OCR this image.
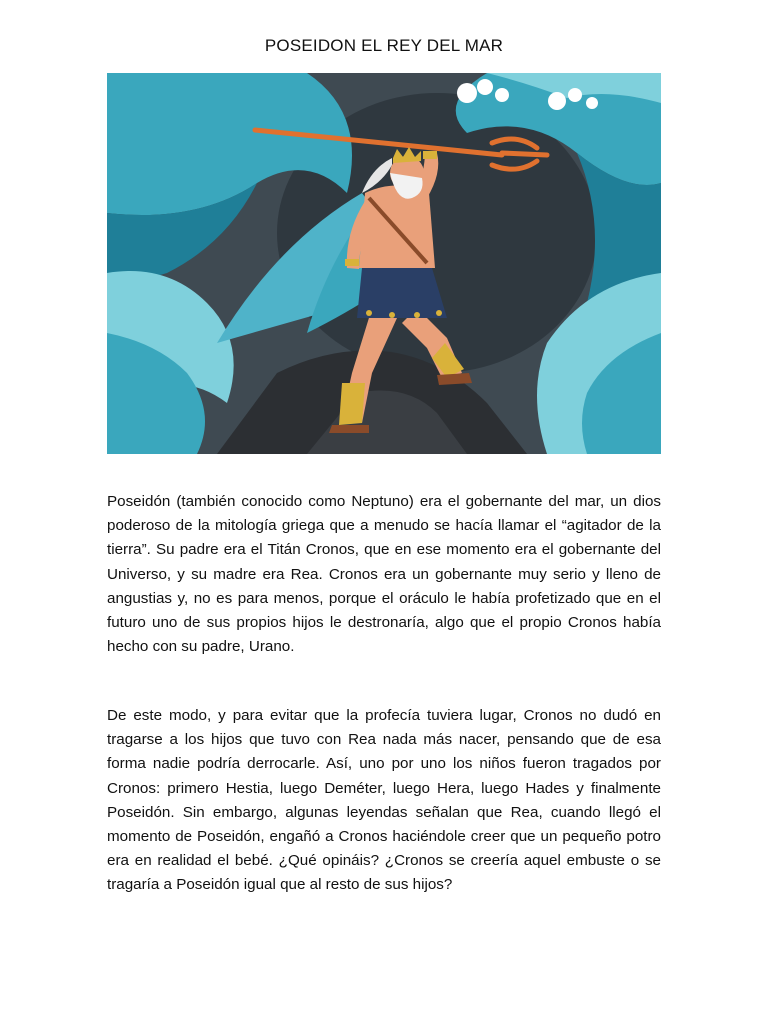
POSEIDON EL REY DEL MAR

Poseidón (también conocido como Neptuno) era el gobernante del mar, un dios poderoso de la mitología griega que a menudo se hacía llamar el “agitador de la tierra”. Su padre era el Titán Cronos, que en ese momento era el gobernante del Universo, y su madre era Rea. Cronos era un gobernante muy serio y lleno de angustias y, no es para menos, porque el oráculo le había profetizado que en el futuro uno de sus propios hijos le destronaría, algo que el propio Cronos había hecho con su padre, Urano.

De este modo, y para evitar que la profecía tuviera lugar, Cronos no dudó en tragarse a los hijos que tuvo con Rea nada más nacer, pensando que de esa forma nadie podría derrocarle. Así, uno por uno los niños fueron tragados por Cronos: primero Hestia, luego Deméter, luego Hera, luego Hades y finalmente Poseidón. Sin embargo, algunas leyendas señalan que Rea, cuando llegó el momento de Poseidón, engañó a Cronos haciéndole creer que un pequeño potro era en realidad el bebé. ¿Qué opináis? ¿Cronos se creería aquel embuste o se tragaría a Poseidón igual que al resto de sus hijos?
